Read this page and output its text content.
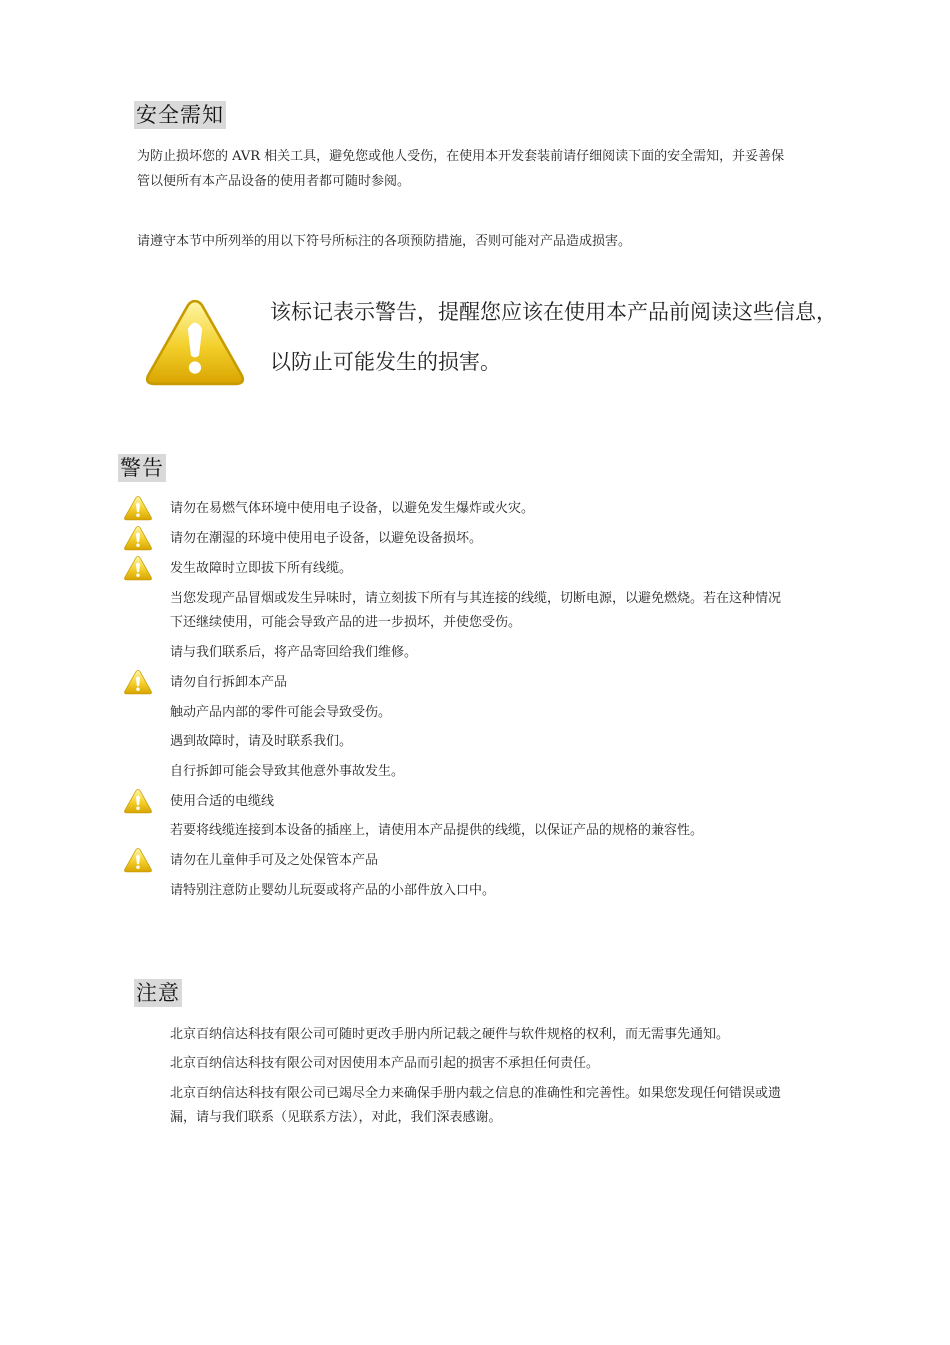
安全需知
为防止损坏您的 AVR 相关工具，避免您或他人受伤，在使用本开发套装前请仔细阅读下面的安全需知，并妥善保
管以便所有本产品设备的使用者都可随时参阅。
请遵守本节中所列举的用以下符号所标注的各项预防措施，否则可能对产品造成损害。
该标记表示警告，提醒您应该在使用本产品前阅读这些信息，
以防止可能发生的损害。
警告
请勿在易燃气体环境中使用电子设备，以避免发生爆炸或火灾。
请勿在潮湿的环境中使用电子设备，以避免设备损坏。
发生故障时立即拔下所有线缆。
当您发现产品冒烟或发生异味时，请立刻拔下所有与其连接的线缆，切断电源，以避免燃烧。若在这种情况
下还继续使用，可能会导致产品的进一步损坏，并使您受伤。
请与我们联系后，将产品寄回给我们维修。
请勿自行拆卸本产品
触动产品内部的零件可能会导致受伤。
遇到故障时，请及时联系我们。
自行拆卸可能会导致其他意外事故发生。
使用合适的电缆线
若要将线缆连接到本设备的插座上，请使用本产品提供的线缆，以保证产品的规格的兼容性。
请勿在儿童伸手可及之处保管本产品
请特别注意防止婴幼儿玩耍或将产品的小部件放入口中。
注意
北京百纳信达科技有限公司可随时更改手册内所记载之硬件与软件规格的权利，而无需事先通知。
北京百纳信达科技有限公司对因使用本产品而引起的损害不承担任何责任。
北京百纳信达科技有限公司已竭尽全力来确保手册内载之信息的准确性和完善性。如果您发现任何错误或遗
漏，请与我们联系（见联系方法），对此，我们深表感谢。
